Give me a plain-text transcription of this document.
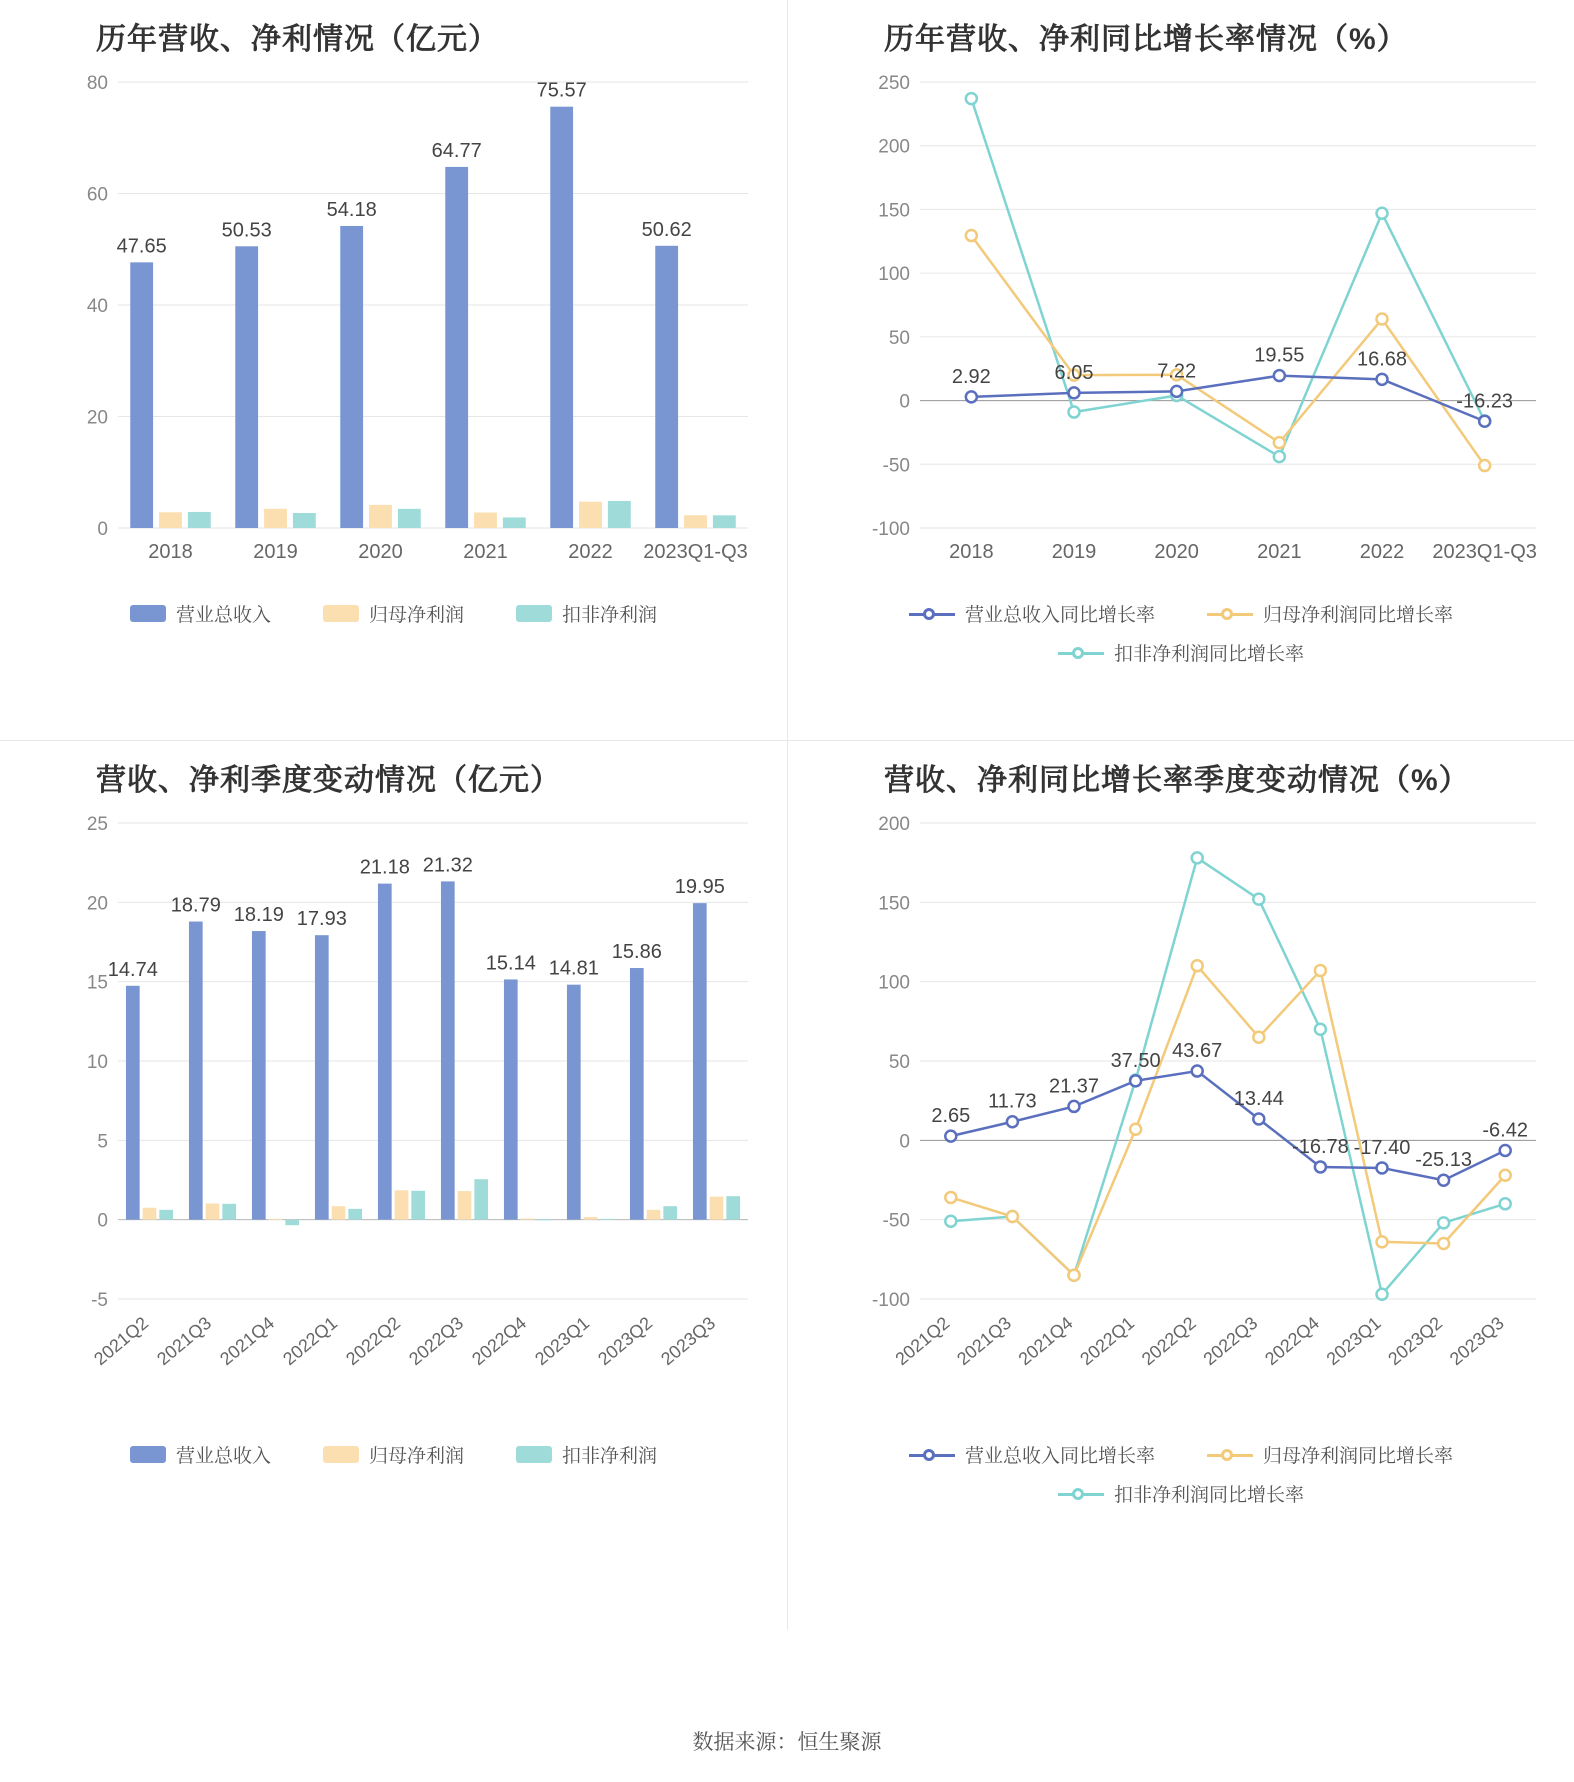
历年营收、净利情况（亿元）
0
20
40
60
80
2018
47.65
2019
50.53
2020
54.18
2021
64.77
2022
75.57
2023Q1-Q3
50.62
营业总收入	归母净利润	扣非净利润
历年营收、净利同比增长率情况（%）
-100
-50
0
50
100
150
200
250
2018	2019	2020	2021	2022 2023Q1-Q3
2.92	6.05	7.22
19.55	16.68
-16.23
营业总收入同比增长率	归母净利润同比增长率
扣非净利润同比增长率
营收、净利季度变动情况（亿元）
-5
0
5
10
15
20
25
2021Q2
14.74
2021Q3
18.79
2021Q4
18.19
2022Q1
17.93
2022Q2
21.18
2022Q3
21.32
2022Q4
15.14
2023Q1
14.81
2023Q2
15.86
2023Q3
19.95
营业总收入	归母净利润	扣非净利润
营收、净利同比增长率季度变动情况（%）
-100
-50
0
50
100
150
200
2021Q2 2021Q3 2021Q4 2022Q1 2022Q2 2022Q3 2022Q4 2023Q1 2023Q2 2023Q3
2.65
11.73
21.37
37.50 43.67
13.44
-16.78 -17.40
-25.13
-6.42
营业总收入同比增长率	归母净利润同比增长率
扣非净利润同比增长率
数据来源：恒生聚源
